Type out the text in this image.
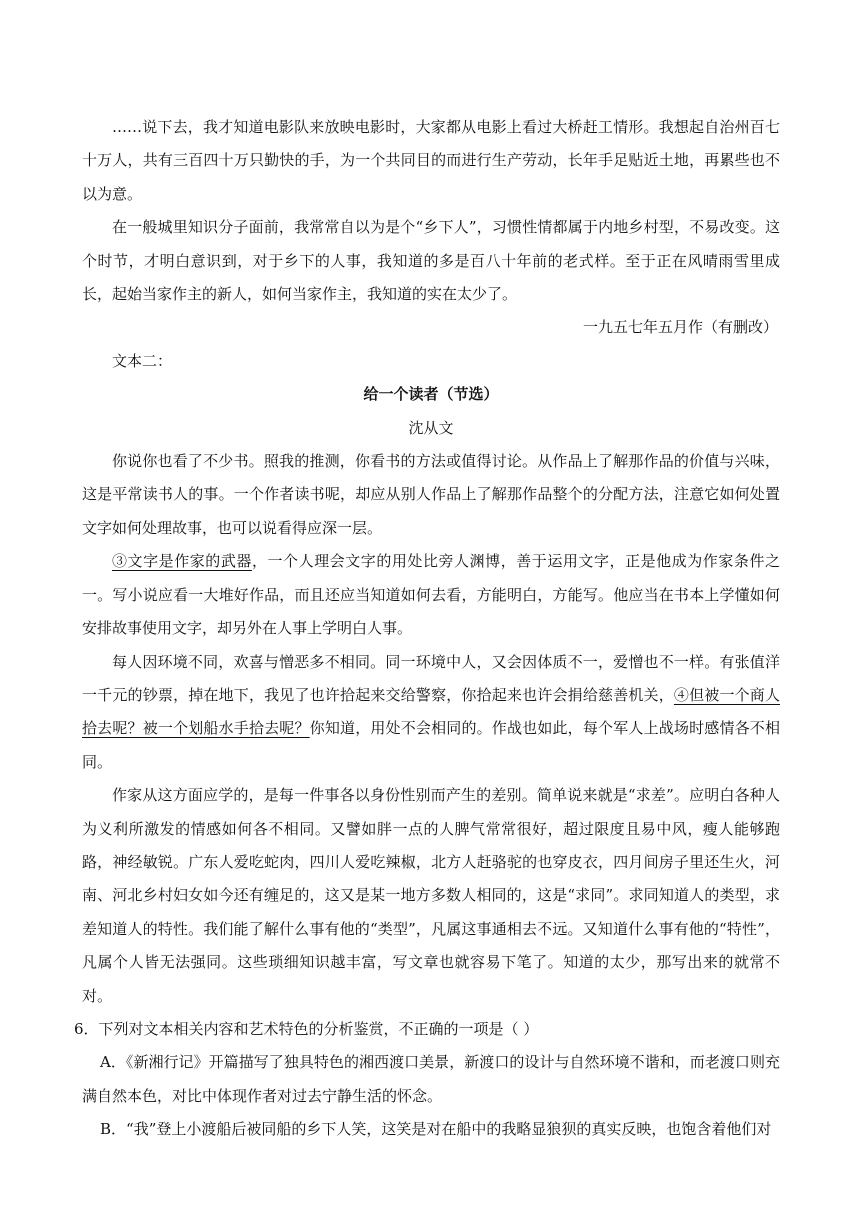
……说下去，我才知道电影队来放映电影时，大家都从电影上看过大桥赶工情形。我想起自治州百七十万人，共有三百四十万只勤快的手，为一个共同目的而进行生产劳动，长年手足贴近土地，再累些也不以为意。

在一般城里知识分子面前，我常常自以为是个“乡下人”，习惯性情都属于内地乡村型，不易改变。这个时节，才明白意识到，对于乡下的人事，我知道的多是百八十年前的老式样。至于正在风晴雨雪里成长，起始当家作主的新人，如何当家作主，我知道的实在太少了。

一九五七年五月作（有删改）

文本二：

给一个读者（节选）

沈从文

你说你也看了不少书。照我的推测，你看书的方法或值得讨论。从作品上了解那作品的价值与兴味，这是平常读书人的事。一个作者读书呢，却应从别人作品上了解那作品整个的分配方法，注意它如何处置文字如何处理故事，也可以说看得应深一层。

③文字是作家的武器，一个人理会文字的用处比旁人渊博，善于运用文字，正是他成为作家条件之一。写小说应看一大堆好作品，而且还应当知道如何去看，方能明白，方能写。他应当在书本上学懂如何安排故事使用文字，却另外在人事上学明白人事。

每人因环境不同，欢喜与憎恶多不相同。同一环境中人，又会因体质不一，爱憎也不一样。有张值洋一千元的钞票，掉在地下，我见了也许拾起来交给警察，你拾起来也许会捐给慈善机关，④但被一个商人拾去呢？被一个划船水手拾去呢？你知道，用处不会相同的。作战也如此，每个军人上战场时感情各不相同。

作家从这方面应学的，是每一件事各以身份性别而产生的差别。简单说来就是“求差”。应明白各种人为义利所激发的情感如何各不相同。又譬如胖一点的人脾气常常很好，超过限度且易中风，瘦人能够跑路，神经敏锐。广东人爱吃蛇肉，四川人爱吃辣椒，北方人赶骆驼的也穿皮衣，四月间房子里还生火，河南、河北乡村妇女如今还有缠足的，这又是某一地方多数人相同的，这是“求同”。求同知道人的类型，求差知道人的特性。我们能了解什么事有他的“类型”，凡属这事通相去不远。又知道什么事有他的“特性”，凡属个人皆无法强同。这些琐细知识越丰富，写文章也就容易下笔了。知道的太少，那写出来的就常不对。

6．下列对文本相关内容和艺术特色的分析鉴赏，不正确的一项是（ ）

A．《新湘行记》开篇描写了独具特色的湘西渡口美景，新渡口的设计与自然环境不谐和，而老渡口则充满自然本色，对比中体现作者对过去宁静生活的怀念。

B．“我”登上小渡船后被同船的乡下人笑，这笑是对在船中的我略显狼狈的真实反映，也饱含着他们对
